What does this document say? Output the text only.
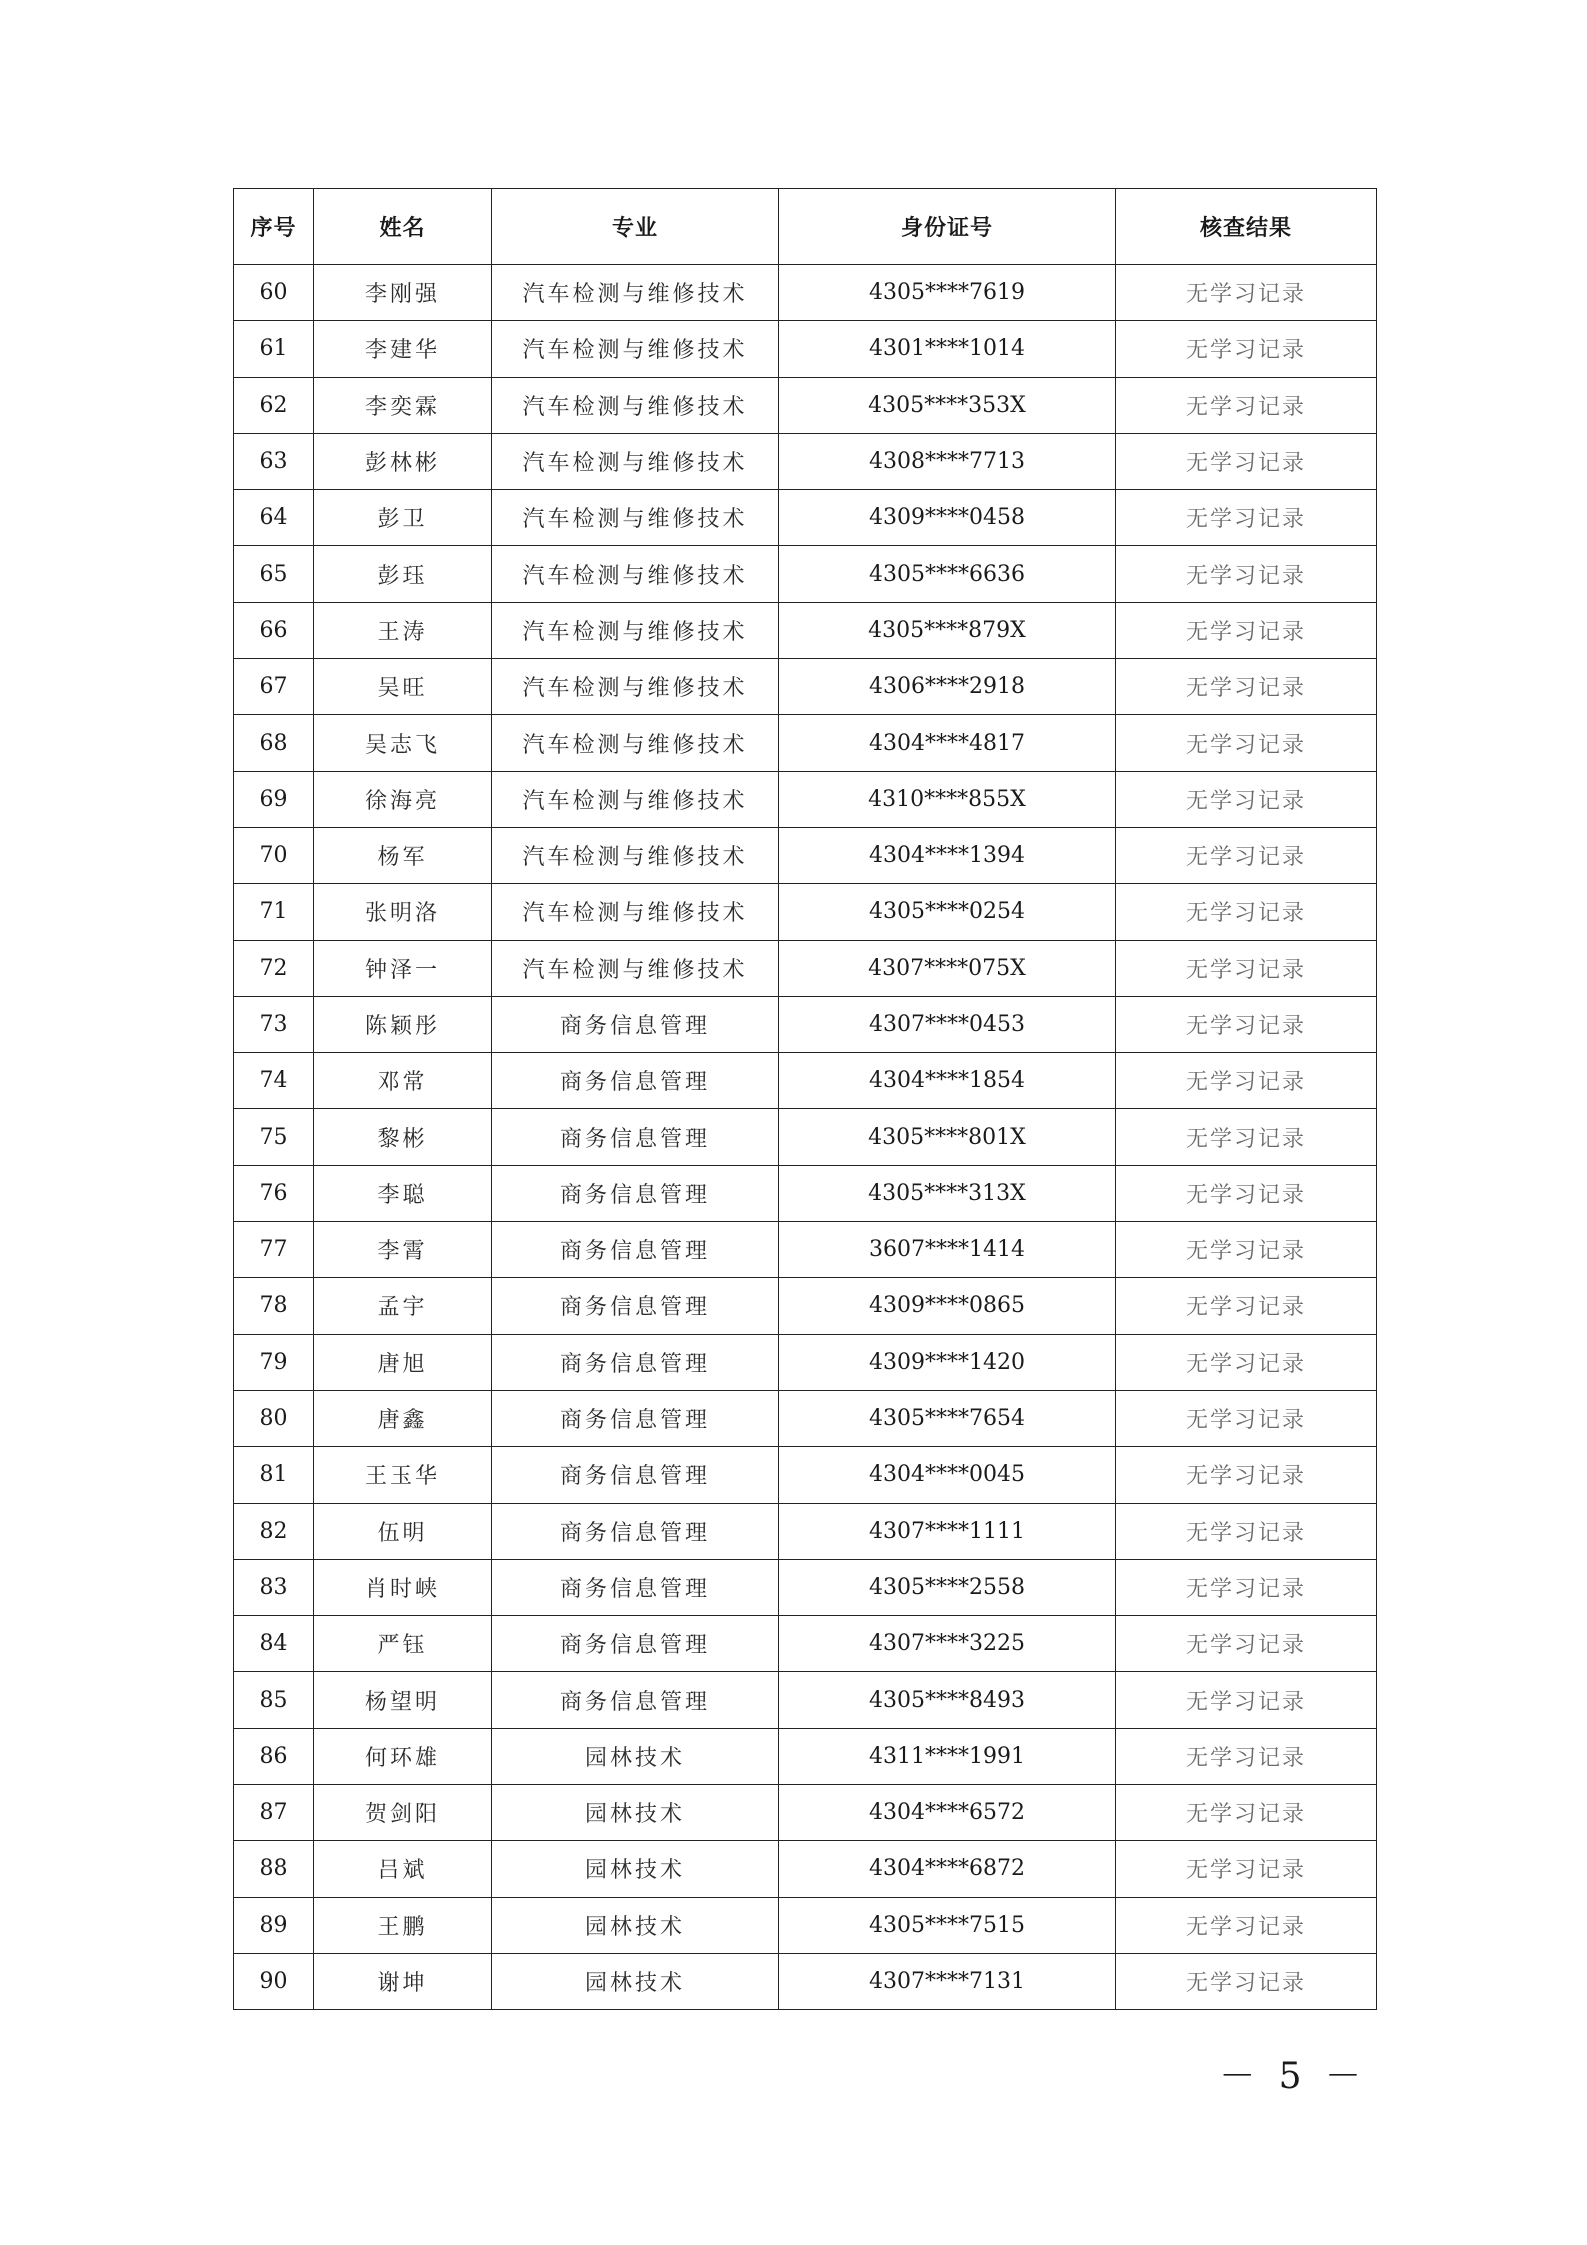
序号	姓名	专业	身份证号	核查结果
60	李刚强	汽车检测与维修技术	4305****7619	无学习记录
61	李建华	汽车检测与维修技术	4301****1014	无学习记录
62	李奕霖	汽车检测与维修技术	4305****353X	无学习记录
63	彭林彬	汽车检测与维修技术	4308****7713	无学习记录
64	彭卫	汽车检测与维修技术	4309****0458	无学习记录
65	彭珏	汽车检测与维修技术	4305****6636	无学习记录
66	王涛	汽车检测与维修技术	4305****879X	无学习记录
67	吴旺	汽车检测与维修技术	4306****2918	无学习记录
68	吴志飞	汽车检测与维修技术	4304****4817	无学习记录
69	徐海亮	汽车检测与维修技术	4310****855X	无学习记录
70	杨军	汽车检测与维修技术	4304****1394	无学习记录
71	张明洛	汽车检测与维修技术	4305****0254	无学习记录
72	钟泽一	汽车检测与维修技术	4307****075X	无学习记录
73	陈颖彤	商务信息管理	4307****0453	无学习记录
74	邓常	商务信息管理	4304****1854	无学习记录
75	黎彬	商务信息管理	4305****801X	无学习记录
76	李聪	商务信息管理	4305****313X	无学习记录
77	李霄	商务信息管理	3607****1414	无学习记录
78	孟宇	商务信息管理	4309****0865	无学习记录
79	唐旭	商务信息管理	4309****1420	无学习记录
80	唐鑫	商务信息管理	4305****7654	无学习记录
81	王玉华	商务信息管理	4304****0045	无学习记录
82	伍明	商务信息管理	4307****1111	无学习记录
83	肖时峡	商务信息管理	4305****2558	无学习记录
84	严钰	商务信息管理	4307****3225	无学习记录
85	杨望明	商务信息管理	4305****8493	无学习记录
86	何环雄	园林技术	4311****1991	无学习记录
87	贺剑阳	园林技术	4304****6572	无学习记录
88	吕斌	园林技术	4304****6872	无学习记录
89	王鹏	园林技术	4305****7515	无学习记录
90	谢坤	园林技术	4307****7131	无学习记录
－ 5 －
